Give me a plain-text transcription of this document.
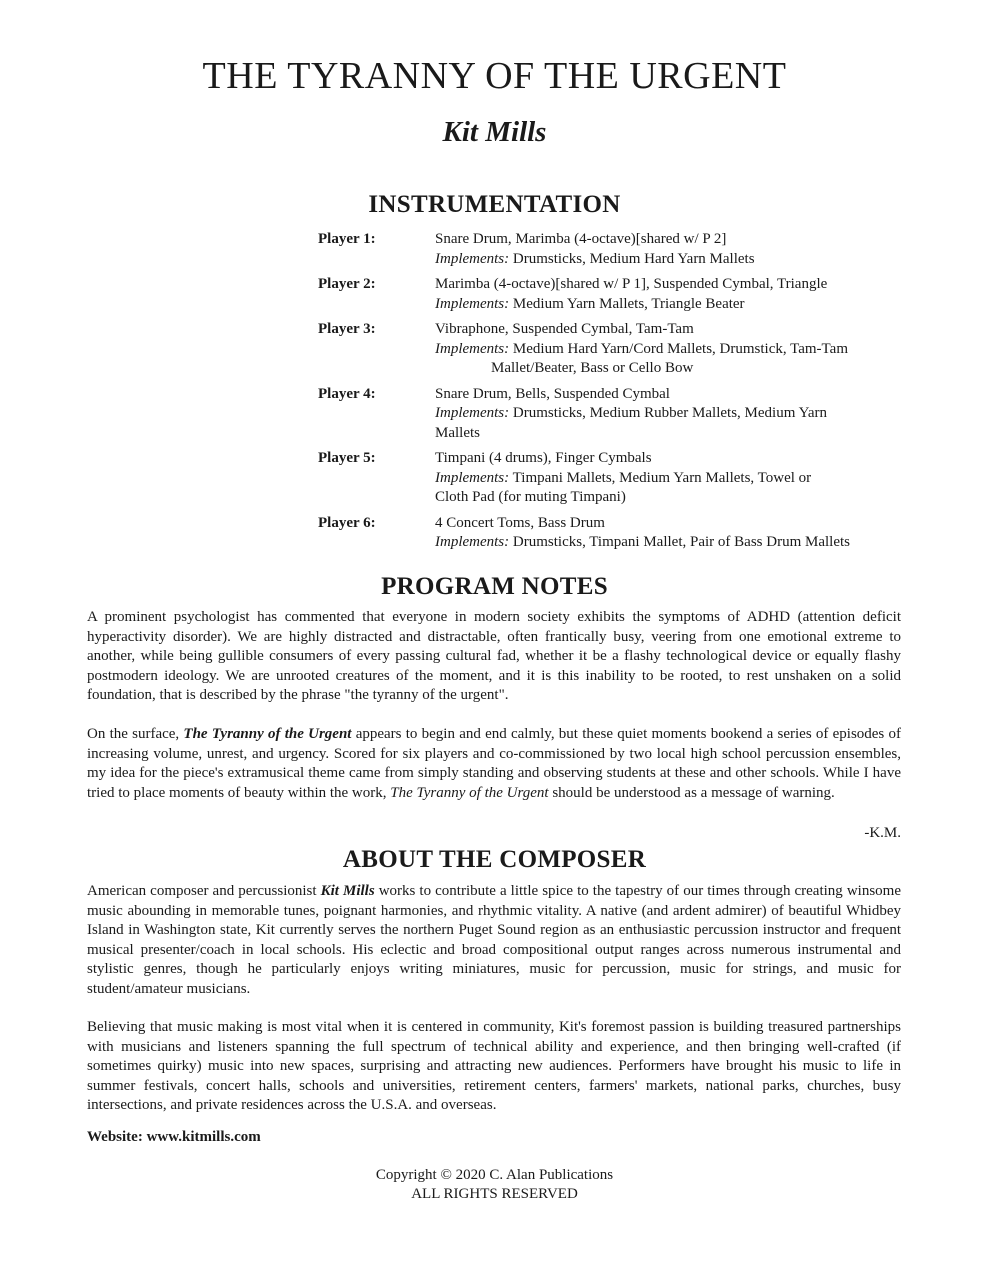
THE TYRANNY OF THE URGENT
Kit Mills
INSTRUMENTATION
Player 1:	Snare Drum, Marimba (4-octave)[shared w/ P 2]
Implements: Drumsticks, Medium Hard Yarn Mallets
Player 2:	Marimba (4-octave)[shared w/ P 1], Suspended Cymbal, Triangle
Implements: Medium Yarn Mallets, Triangle Beater
Player 3:	Vibraphone, Suspended Cymbal, Tam-Tam
Implements: Medium Hard Yarn/Cord Mallets, Drumstick, Tam-Tam
Mallet/Beater, Bass or Cello Bow
Player 4:	Snare Drum, Bells, Suspended Cymbal
Implements: Drumsticks, Medium Rubber Mallets, Medium Yarn
Mallets
Player 5:	Timpani (4 drums), Finger Cymbals
Implements: Timpani Mallets, Medium Yarn Mallets, Towel or
Cloth Pad (for muting Timpani)
Player 6:	4 Concert Toms, Bass Drum
Implements: Drumsticks, Timpani Mallet, Pair of Bass Drum Mallets
PROGRAM NOTES

A prominent psychologist has commented that everyone in modern society exhibits the symptoms of ADHD (attention deficit hyperactivity disorder). We are highly distracted and distractable, often frantically busy, veering from one emotional extreme to another, while being gullible consumers of every passing cultural fad, whether it be a flashy technological device or equally flashy postmodern ideology. We are unrooted creatures of the moment, and it is this inability to be rooted, to rest unshaken on a solid foundation, that is described by the phrase "the tyranny of the urgent".

On the surface, The Tyranny of the Urgent appears to begin and end calmly, but these quiet moments bookend a series of episodes of increasing volume, unrest, and urgency. Scored for six players and co-commissioned by two local high school percussion ensembles, my idea for the piece's extramusical theme came from simply standing and observing students at these and other schools. While I have tried to place moments of beauty within the work, The Tyranny of the Urgent should be understood as a message of warning.

-K.M.

ABOUT THE COMPOSER

American composer and percussionist Kit Mills works to contribute a little spice to the tapestry of our times through creating winsome music abounding in memorable tunes, poignant harmonies, and rhythmic vitality. A native (and ardent admirer) of beautiful Whidbey Island in Washington state, Kit currently serves the northern Puget Sound region as an enthusiastic percussion instructor and frequent musical presenter/coach in local schools. His eclectic and broad compositional output ranges across numerous instrumental and stylistic genres, though he particularly enjoys writing miniatures, music for percussion, music for strings, and music for student/amateur musicians.

Believing that music making is most vital when it is centered in community, Kit's foremost passion is building treasured partnerships with musicians and listeners spanning the full spectrum of technical ability and experience, and then bringing well-crafted (if sometimes quirky) music into new spaces, surprising and attracting new audiences. Performers have brought his music to life in summer festivals, concert halls, schools and universities, retirement centers, farmers' markets, national parks, churches, busy intersections, and private residences across the U.S.A. and overseas.

Website: www.kitmills.com

Copyright © 2020 C. Alan Publications

ALL RIGHTS RESERVED
